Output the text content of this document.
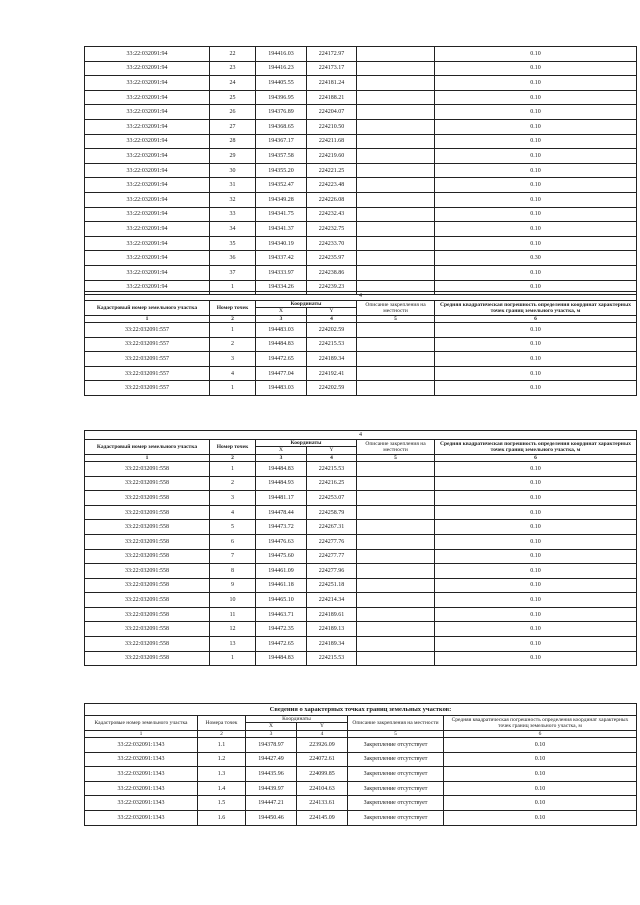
33:22:032091:94	22	194416.03	224172.97		0.10
33:22:032091:94	23	194416.23	224173.17		0.10
33:22:032091:94	24	194405.55	224181.24		0.10
33:22:032091:94	25	194396.95	224188.21		0.10
33:22:032091:94	26	194376.89	224204.07		0.10
33:22:032091:94	27	194368.65	224210.50		0.10
33:22:032091:94	28	194367.17	224211.68		0.10
33:22:032091:94	29	194357.58	224219.60		0.10
33:22:032091:94	30	194355.20	224221.25		0.10
33:22:032091:94	31	194352.47	224223.48		0.10
33:22:032091:94	32	194349.28	224226.08		0.10
33:22:032091:94	33	194341.75	224232.43		0.10
33:22:032091:94	34	194341.37	224232.75		0.10
33:22:032091:94	35	194340.19	224233.70		0.10
33:22:032091:94	36	194337.42	224235.97		0.30
33:22:032091:94	37	194333.97	224238.86		0.10
33:22:032091:94	1	194334.26	224239.23		0.10
4					
Кадастровый номер земельного участка	Номер точек	Координаты		Описание закрепления на местности	Средняя квадратическая погрешность определения координат характерных точек границ земельного участка, м
		X	Y		
1	2	3	4	5	6
33:22:032091:557	1	194483.03	224202.59		0.10
33:22:032091:557	2	194484.83	224215.53		0.10
33:22:032091:557	3	194472.65	224189.34		0.10
33:22:032091:557	4	194477.04	224192.41		0.10
33:22:032091:557	1	194483.03	224202.59		0.10
4					
Кадастровый номер земельного участка	Номер точек	Координаты		Описание закрепления на местности	Средняя квадратическая погрешность определения координат характерных точек границ земельного участка, м
		X	Y		
1	2	3	4	5	6
33:22:032091:558	1	194484.83	224215.53		0.10
33:22:032091:558	2	194484.93	224216.25		0.10
33:22:032091:558	3	194481.17	224253.07		0.10
33:22:032091:558	4	194478.44	224258.79		0.10
33:22:032091:558	5	194473.72	224267.31		0.10
33:22:032091:558	6	194476.63	224277.76		0.10
33:22:032091:558	7	194475.60	224277.77		0.10
33:22:032091:558	8	194461.09	224277.96		0.10
33:22:032091:558	9	194461.18	224251.18		0.10
33:22:032091:558	10	194465.10	224214.34		0.10
33:22:032091:558	11	194463.71	224189.61		0.10
33:22:032091:558	12	194472.35	224189.13		0.10
33:22:032091:558	13	194472.65	224189.34		0.10
33:22:032091:558	1	194484.83	224215.53		0.10
Сведения о характерных точках границ земельных участков:					
Кадастровые номер земельного участка	Номера точек	Координаты		Описание закрепления на местности	Средняя квадратическая погрешность определения координат характерных точек границ земельного участка, м
		X	Y		
1	2	3	4	5	6
33:22:032091:1343	1.1	194378.97	223926.09	Закрепление отсутствует	0.10
33:22:032091:1343	1.2	194427.49	224072.61	Закрепление отсутствует	0.10
33:22:032091:1343	1.3	194435.96	224099.85	Закрепление отсутствует	0.10
33:22:032091:1343	1.4	194439.97	224104.63	Закрепление отсутствует	0.10
33:22:032091:1343	1.5	194447.21	224133.61	Закрепление отсутствует	0.10
33:22:032091:1343	1.6	194450.46	224145.09	Закрепление отсутствует	0.10
